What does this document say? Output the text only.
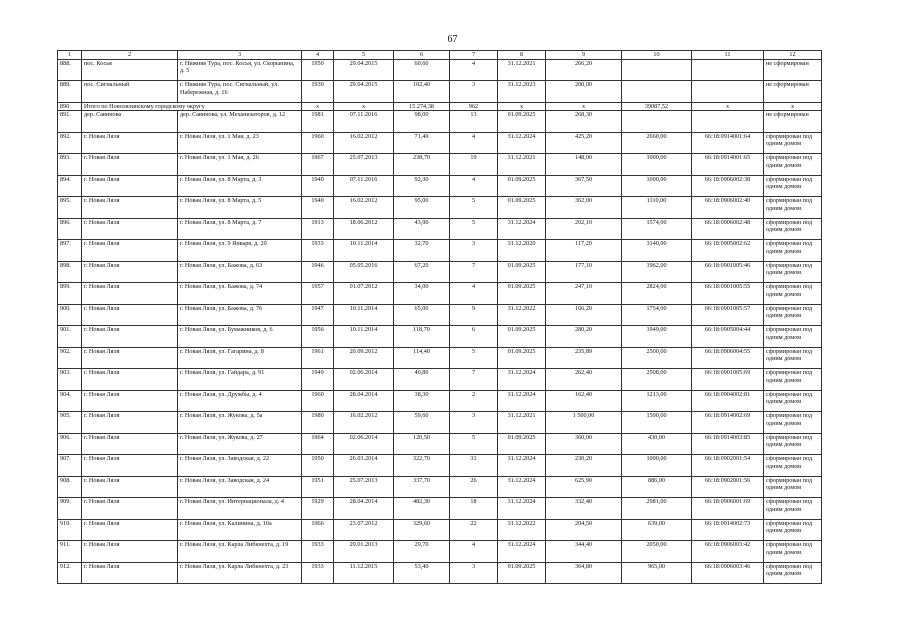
67
1	2	3	4	5	6	7	8	9	10	11	12
888.	пос. Косья	г. Нижняя Тура, пос. Косья, ул. Скорынина, д. 5	1950	29.04.2015	60,60	4	31.12.2021	266,20			не сформирован
889.	пос. Сигнальный	г. Нижняя Тура, пос. Сигнальный, ул. Набережная, д. 16	1930	29.04.2015	102,40	3	31.12.2023	200,00			не сформирован
890.	Итого по Новолялинскому городскому округу		х	х	15 274,38	962	х	х	39087,52	х	х
891.	дер. Савинова	дер. Савинова, ул. Механизаторов, д. 12	1981	07.11.2016	98,00	13	01.09.2025	268,30			не сформирован
892.	г. Новая Ляля	г. Новая Ляля, ул. 1 Мая, д. 23	1960	16.02.2012	71,40	4	31.12.2024	425,20	2660,00	66:18:0914001:64	сформирован под одним домом
893.	г. Новая Ляля	г. Новая Ляля, ул. 1 Мая, д. 26	1967	25.07.2013	238,70	19	31.12.2021	148,00	1000,00	66:18:0914001:65	сформирован под одним домом
894.	г. Новая Ляля	г. Новая Ляля, ул. 8 Марта, д. 3	1940	07.11.2016	92,30	4	01.09.2025	367,50	1000,00	66:18:0906002:38	сформирован под одним домом
895.	г. Новая Ляля	г. Новая Ляля, ул. 8 Марта, д. 5	1940	16.02.2012	95,00	5	01.09.2025	362,00	1110,00	66:18:0906002:40	сформирован под одним домом
896.	г. Новая Ляля	г. Новая Ляля, ул. 8 Марта, д. 7	1913	18.06.2012	43,90	5	31.12.2024	202,10	1574,00	66:18:0906002:48	сформирован под одним домом
897.	г. Новая Ляля	г. Новая Ляля, ул. 9 Января, д. 20	1933	10.11.2014	32,70	3	31.12.2020	117,20	3140,00	66:18:0905002:62	сформирован под одним домом
898.	г. Новая Ляля	г. Новая Ляля, ул. Бажова, д. 63	1946	05.05.2016	67,20	7	01.09.2025	177,10	1962,00	66:18:0901005:46	сформирован под одним домом
899.	г. Новая Ляля	г. Новая Ляля, ул. Бажова, д. 74	1957	01.07.2012	34,00	4	01.09.2025	247,10	2824,00	66:18:0901005:55	сформирован под одним домом
900.	г. Новая Ляля	г. Новая Ляля, ул. Бажова, д. 76	1947	10.11.2014	65,00	9	31.12.2022	166,20	1754,00	66:18:0901005:57	сформирован под одним домом
901.	г. Новая Ляля	г. Новая Ляля, ул. Бумажников, д. 6	1956	10.11.2014	118,70	6	01.09.2025	280,20	1949,00	66:18:0905004:44	сформирован под одним домом
902.	г. Новая Ляля	г. Новая Ляля, ул. Гагарина, д. 8	1961	20.09.2012	114,40	5	01.09.2025	235,89	2500,00	66:18:0906004:55	сформирован под одним домом
903.	г. Новая Ляля	г. Новая Ляля, ул. Гайдара, д. 91	1949	02.06.2014	40,80	7	31.12.2024	262,40	2508,00	66:18:0901005:69	сформирован под одним домом
904.	г. Новая Ляля	г. Новая Ляля, ул. Дружбы, д. 4	1960	28.04.2014	38,30	2	31.12.2024	162,40	1213,00	66:18:0904002:81	сформирован под одним домом
905.	г. Новая Ляля	г. Новая Ляля, ул. Жукова, д. 5а	1980	16.02.2012	59,60	3	31.12.2021	1 500,00	1500,00	66:18:0914002:69	сформирован под одним домом
906.	г. Новая Ляля	г. Новая Ляля, ул. Жукова, д. 27	1964	02.06.2014	120,50	5	01.09.2025	360,00	430,00	66:18:0914003:85	сформирован под одним домом
907.	г. Новая Ляля	г. Новая Ляля, ул. Заводская, д. 22	1950	26.03.2014	322,70	31	31.12.2024	230,20	1000,00	66:18:0902001:54	сформирован под одним домом
908.	г. Новая Ляля	г. Новая Ляля, ул. Заводская, д. 24	1951	25.07.2013	337,70	26	31.12.2024	625,90	886,00	66:18:0902001:56	сформирован под одним домом
909.	г. Новая Ляля	г. Новая Ляля, ул. Интернационала, д. 4	1929	28.04.2014	482,30	18	31.12.2024	332,40	2981,00	66:18:0906001:69	сформирован под одним домом
910.	г. Новая Ляля	г. Новая Ляля, ул. Калинина, д. 10а	1966	23.07.2012	329,60	22	31.12.2022	204,50	639,00	66:18:0914002:73	сформирован под одним домом
911.	г. Новая Ляля	г. Новая Ляля, ул. Карла Либкнехта, д. 19	1933	29.01.2013	29,70	4	31.12.2024	344,40	2050,00	66:18:0906003:42	сформирован под одним домом
912.	г. Новая Ляля	г. Новая Ляля, ул. Карла Либкнехта, д. 23	1933	11.12.2015	53,40	3	01.09.2025	364,80	965,00	66:18:0906003:46	сформирован под одним домом
